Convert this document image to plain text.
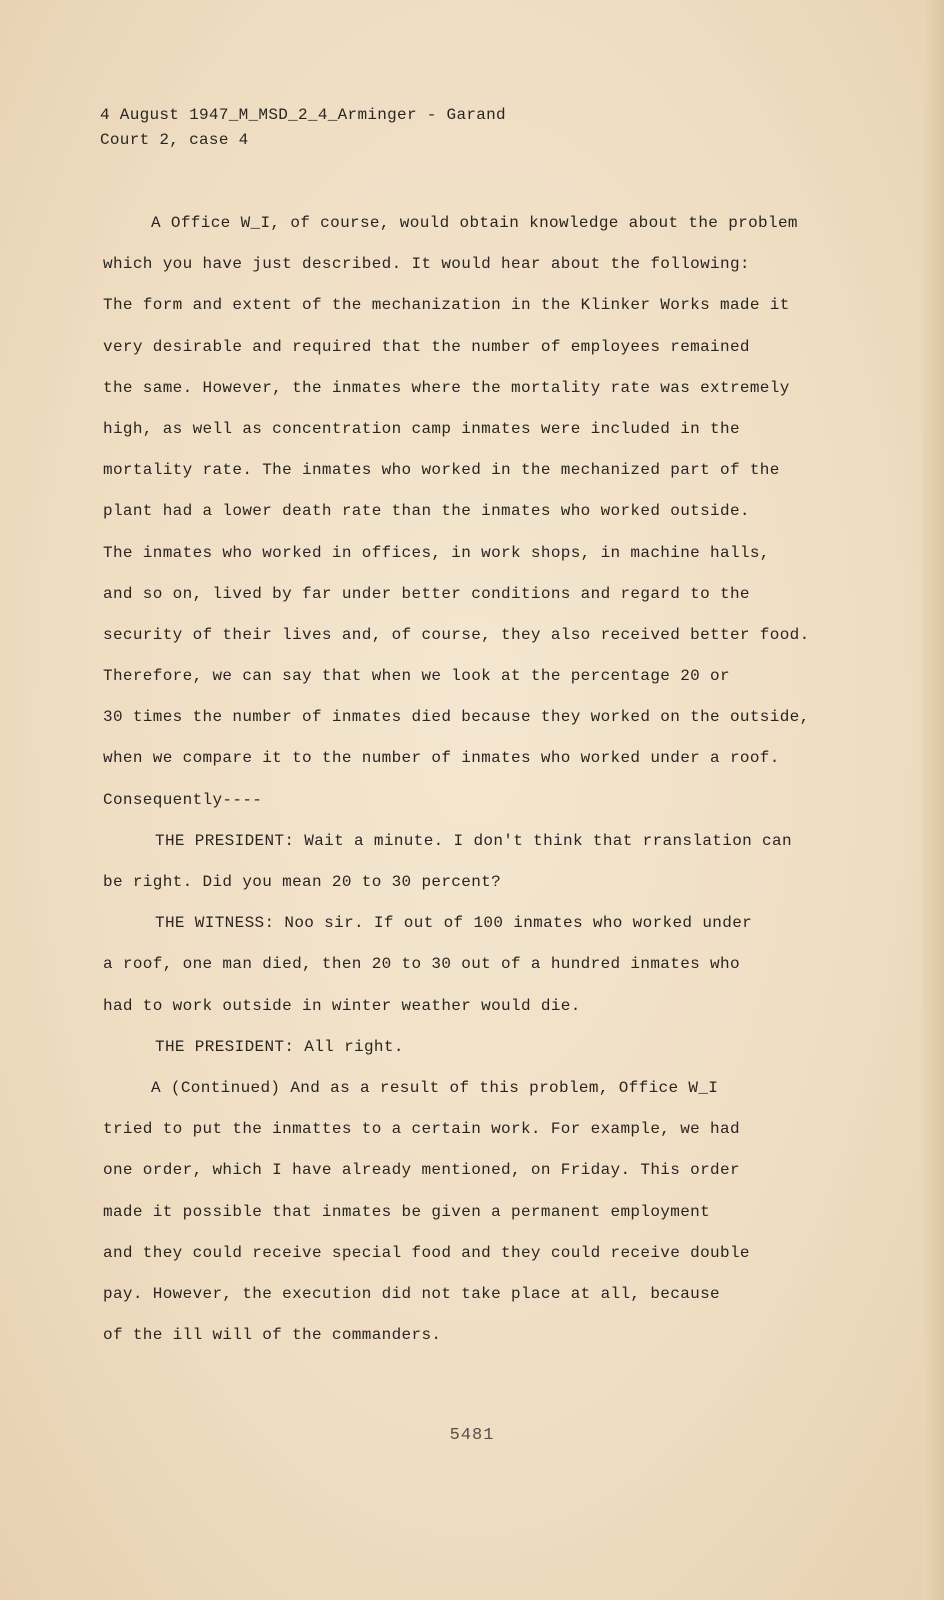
4 August 1947_M_MSD_2_4_Arminger - Garand
Court 2, case 4
A Office W_I, of course, would obtain knowledge about the problem
which you have just described. It would hear about the following:
The form and extent of the mechanization in the Klinker Works made it
very desirable and required that the number of employees remained
the same. However, the inmates where the mortality rate was extremely
high, as well as concentration camp inmates were included in the
mortality rate. The inmates who worked in the mechanized part of the
plant had a lower death rate than the inmates who worked outside.
The inmates who worked in offices, in work shops, in machine halls,
and so on, lived by far under better conditions and regard to the
security of their lives and, of course, they also received better food.
Therefore, we can say that when we look at the percentage 20 or
30 times the number of inmates died because they worked on the outside,
when we compare it to the number of inmates who worked under a roof.
Consequently----
THE PRESIDENT: Wait a minute. I don't think that rranslation can
be right. Did you mean 20 to 30 percent?
THE WITNESS: Noo sir. If out of 100 inmates who worked under
a roof, one man died, then 20 to 30 out of a hundred inmates who
had to work outside in winter weather would die.
THE PRESIDENT: All right.
A (Continued) And as a result of this problem, Office W_I
tried to put the inmattes to a certain work. For example, we had
one order, which I have already mentioned, on Friday. This order
made it possible that inmates be given a permanent employment
and they could receive special food and they could receive double
pay. However, the execution did not take place at all, because
of the ill will of the commanders.
5481
